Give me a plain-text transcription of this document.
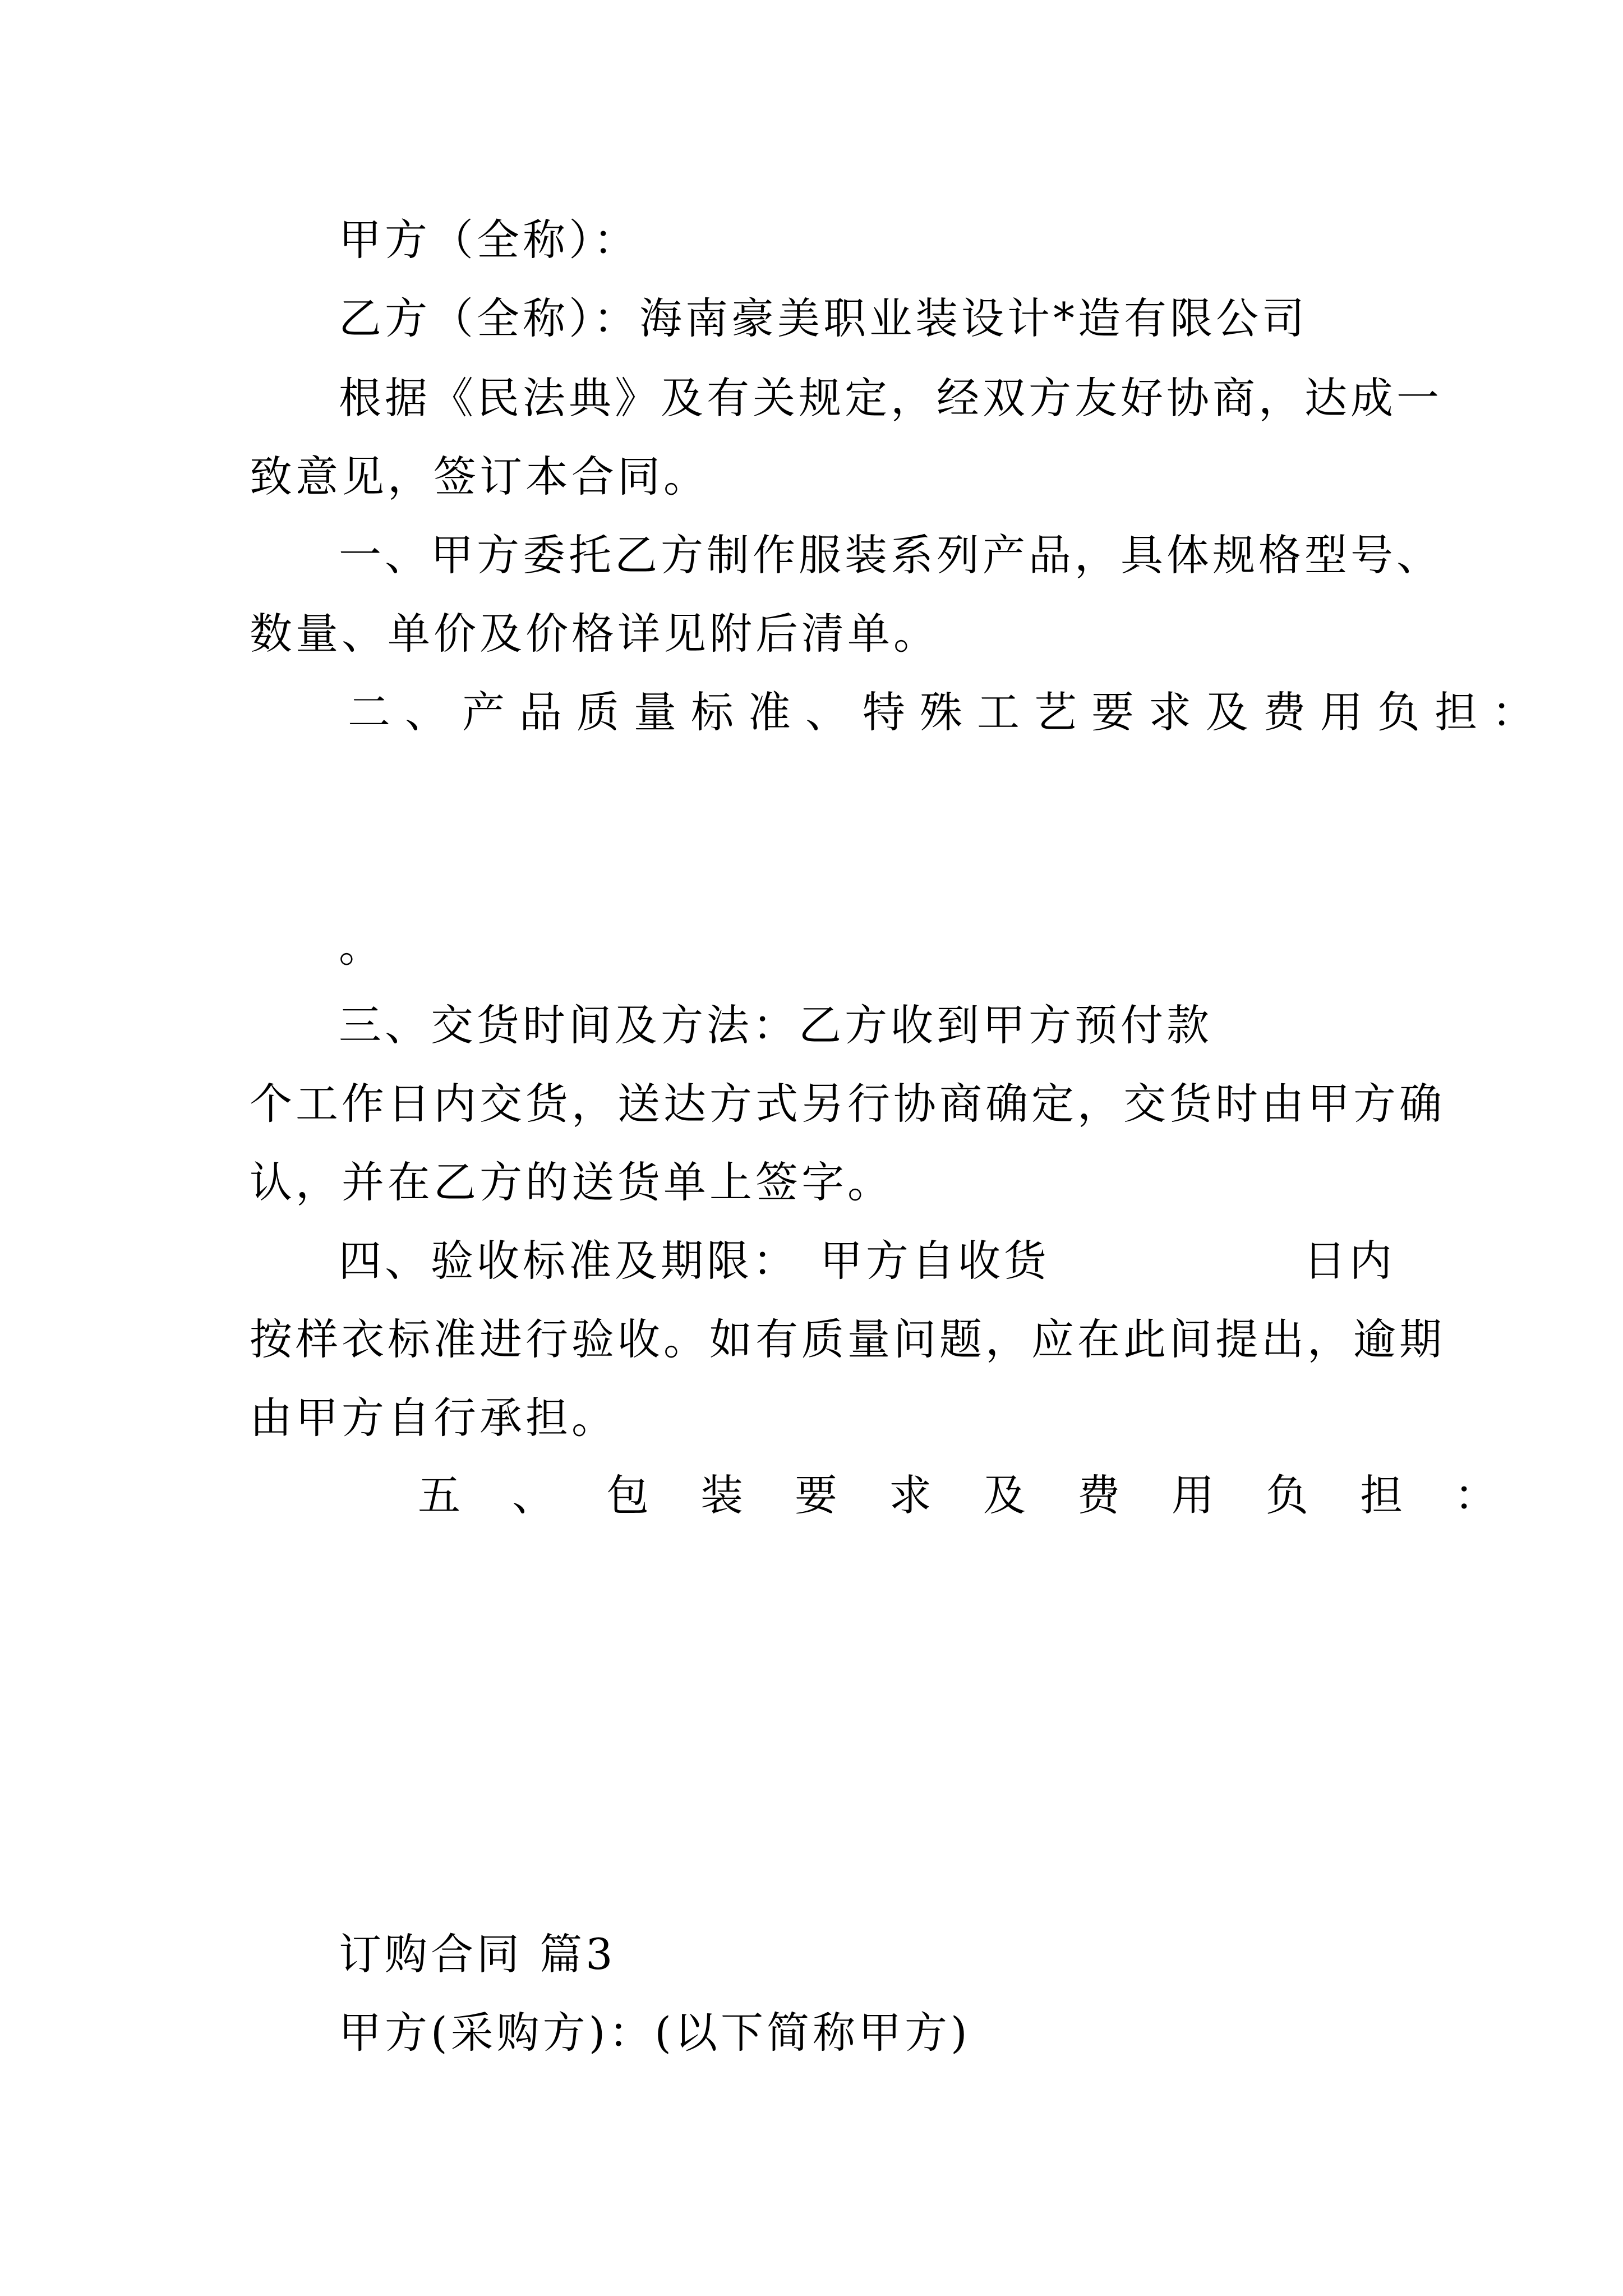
甲方（全称）：
乙方（全称）：海南豪美职业装设计*造有限公司
根据《民法典》及有关规定，经双方友好协商，达成一
致意见，签订本合同。
一、甲方委托乙方制作服装系列产品，具体规格型号、
数量、单价及价格详见附后清单。
二、产品质量标准、特殊工艺要求及费用负担：
。
三、交货时间及方法：乙方收到甲方预付款
个工作日内交货，送达方式另行协商确定，交货时由甲方确
认，并在乙方的送货单上签字。
四、验收标准及期限： 甲方自收货	日内
按样衣标准进行验收。如有质量问题，应在此间提出，逾期
由甲方自行承担。
五、包装要求及费用负担：
订购合同 篇3
甲方(采购方)：(以下简称甲方)
